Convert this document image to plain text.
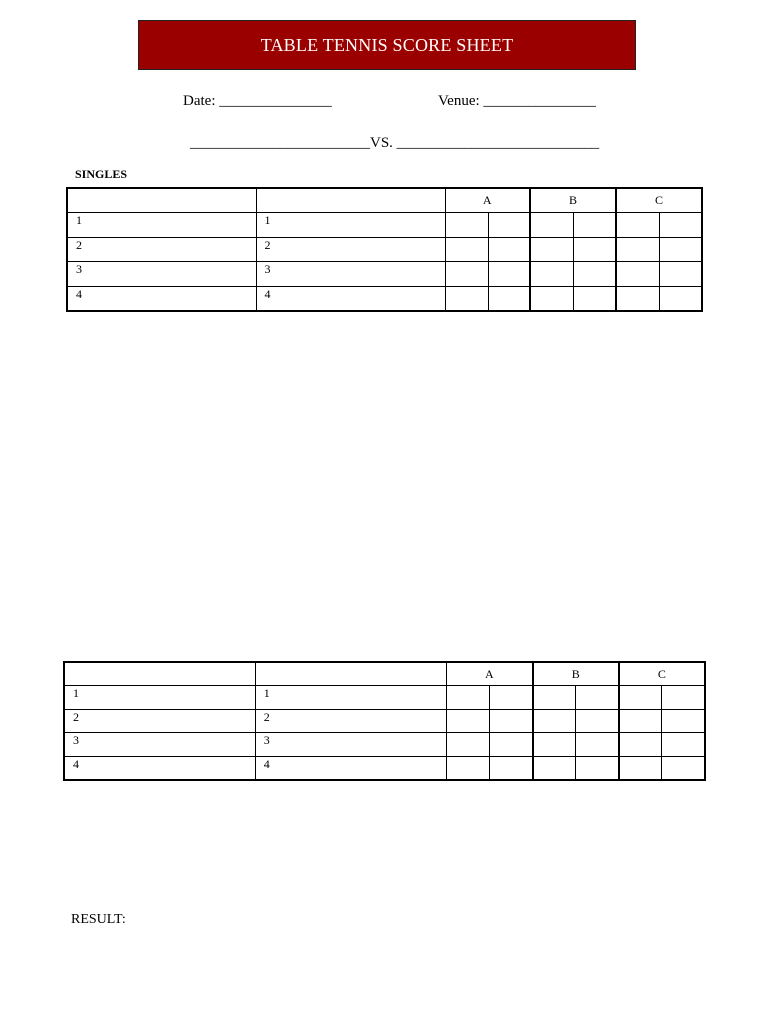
TABLE TENNIS SCORE SHEET
Date: _______________	Venue: _______________
________________________VS. ___________________________
SINGLES
		A		B		C	
1	1						
2	2						
3	3						
4	4						
		A		B		C	
1	1						
2	2						
3	3						
4	4						
RESULT:
